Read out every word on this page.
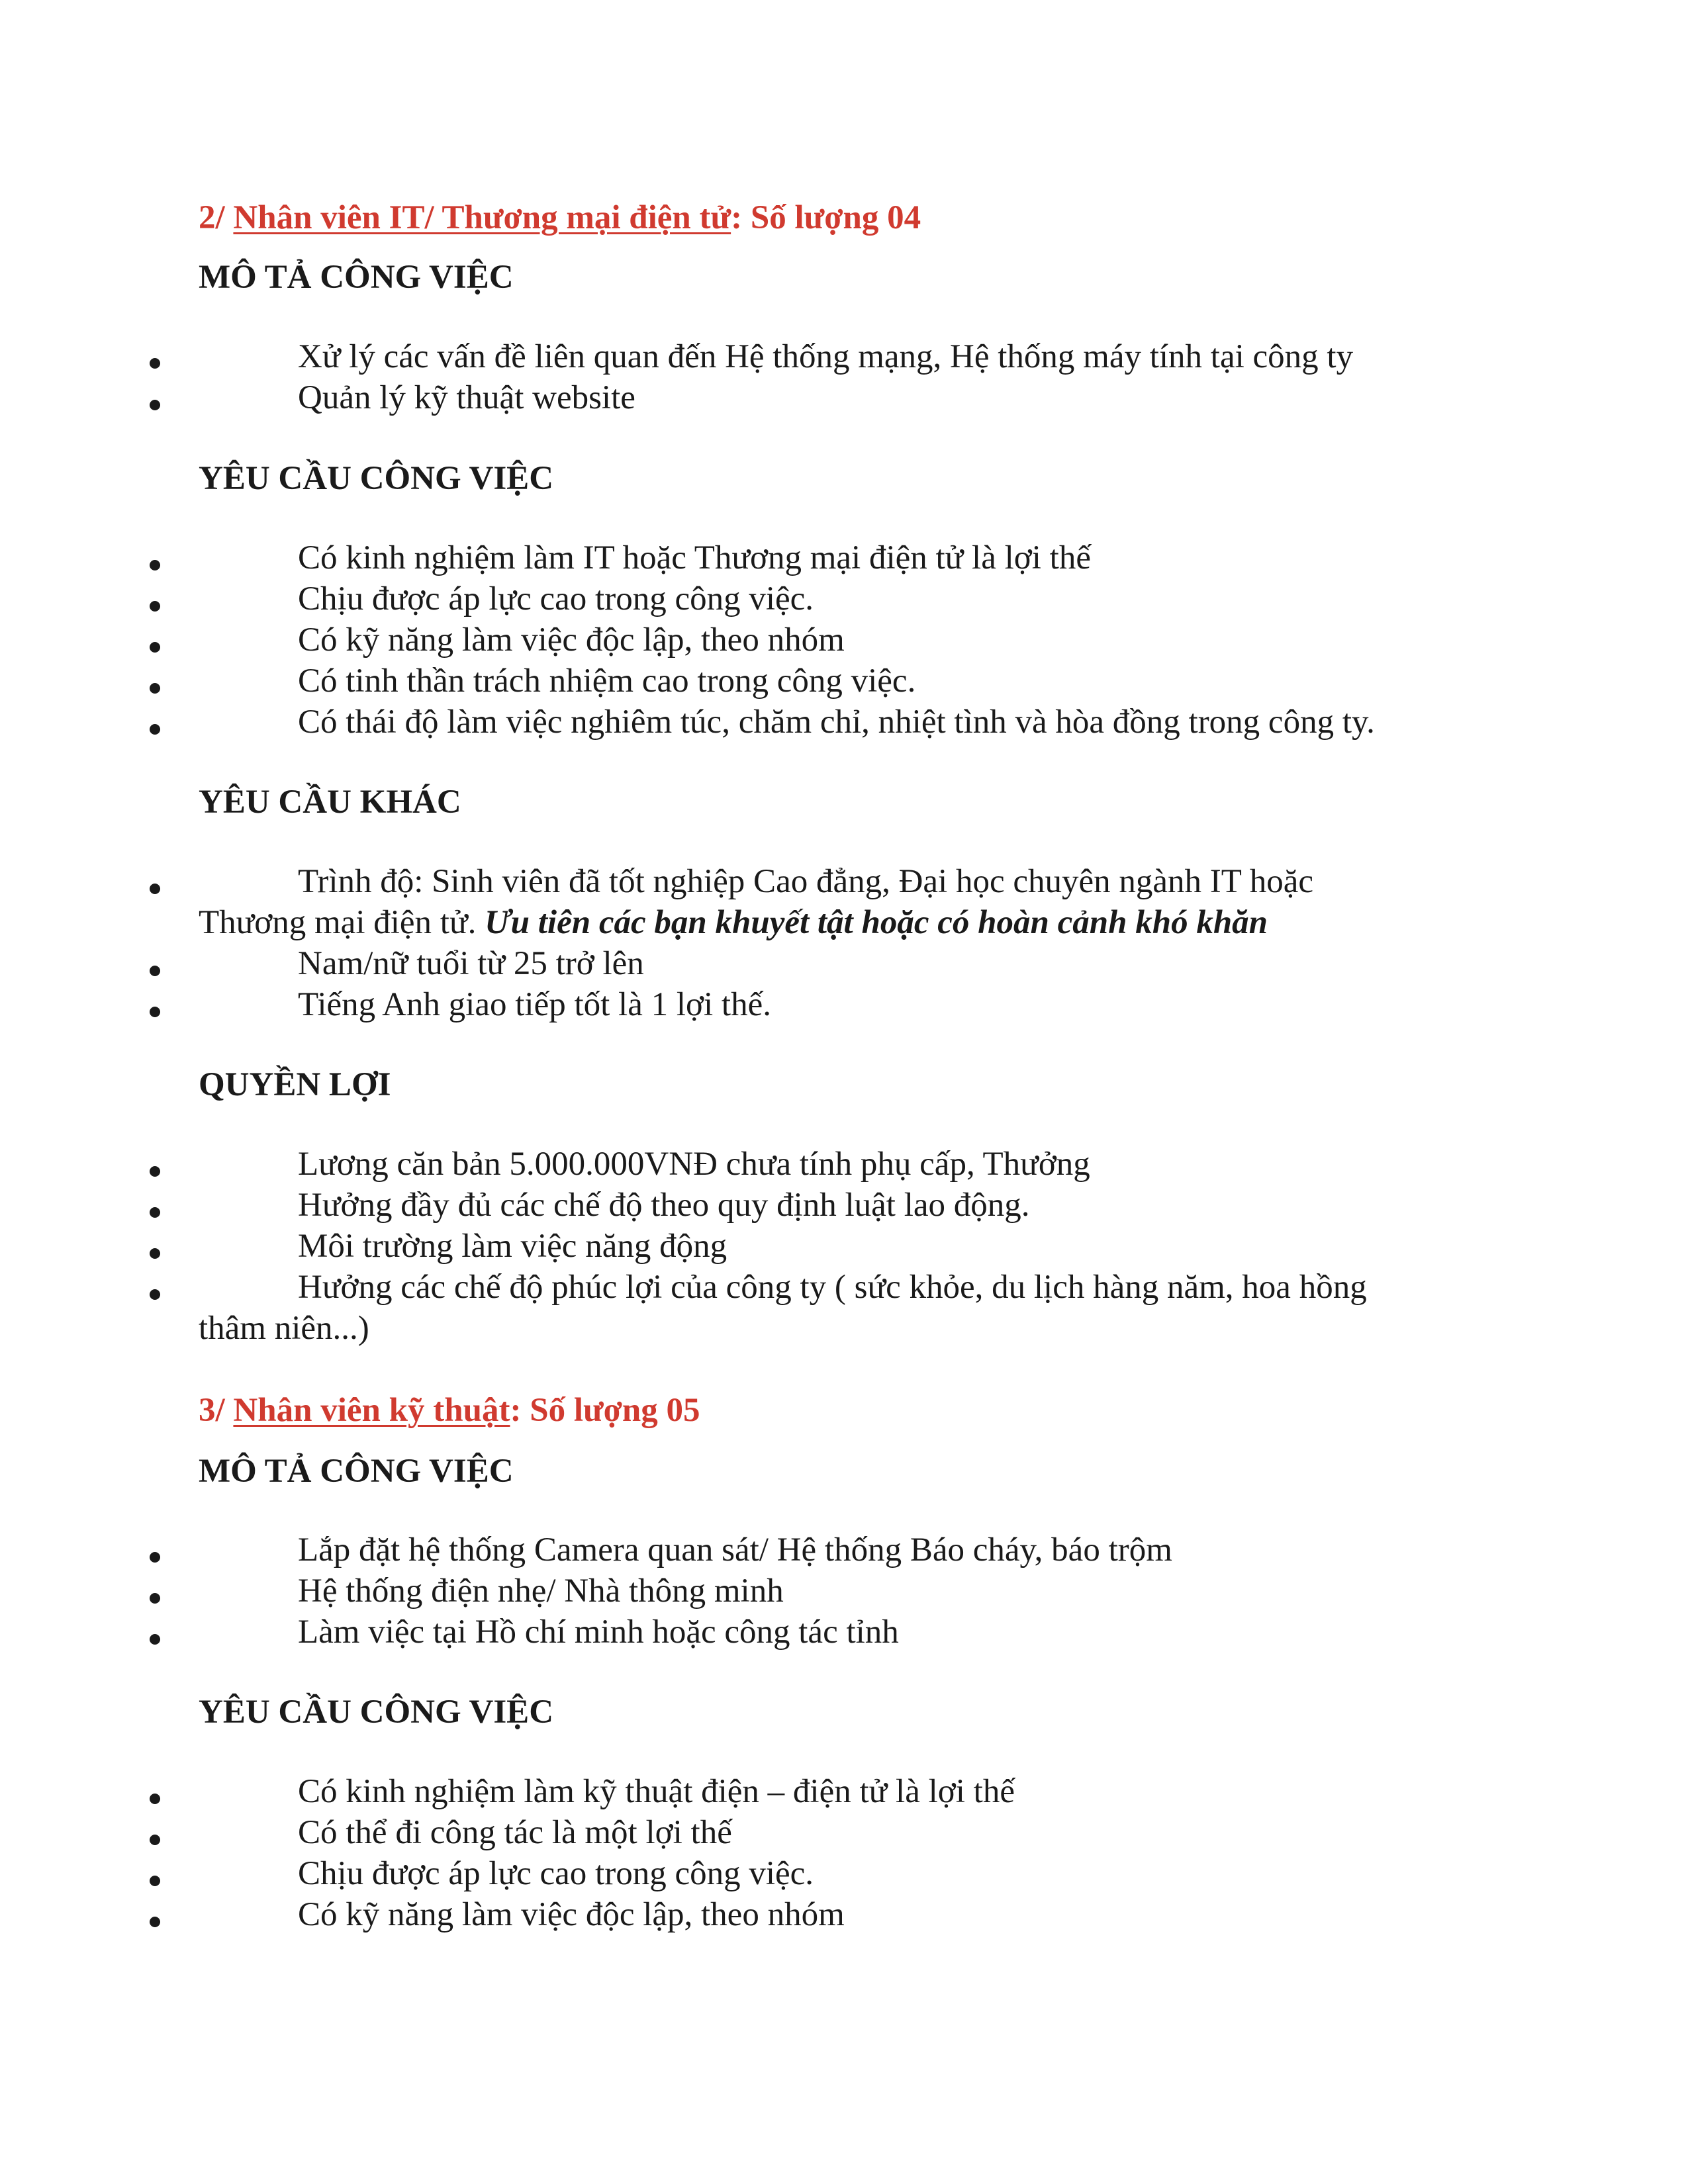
2/ Nhân viên IT/ Thương mại điện tử: Số lượng 04
MÔ TẢ CÔNG VIỆC
Xử lý các vấn đề liên quan đến Hệ thống mạng, Hệ thống máy tính tại công ty
Quản lý kỹ thuật website
YÊU CẦU CÔNG VIỆC
Có kinh nghiệm làm IT hoặc Thương mại điện tử là lợi thế
Chịu được áp lực cao trong công việc.
Có kỹ năng làm việc độc lập, theo nhóm
Có tinh thần trách nhiệm cao trong công việc.
Có thái độ làm việc nghiêm túc, chăm chỉ, nhiệt tình và hòa đồng trong công ty.
YÊU CẦU KHÁC
Trình độ: Sinh viên đã tốt nghiệp Cao đẳng, Đại học chuyên ngành IT hoặc
Thương mại điện tử. Ưu tiên các bạn khuyết tật hoặc có hoàn cảnh khó khăn
Nam/nữ tuổi từ 25 trở lên
Tiếng Anh giao tiếp tốt là 1 lợi thế.
QUYỀN LỢI
Lương căn bản 5.000.000VNĐ chưa tính phụ cấp, Thưởng
Hưởng đầy đủ các chế độ theo quy định luật lao động.
Môi trường làm việc năng động
Hưởng các chế độ phúc lợi của công ty ( sức khỏe, du lịch hàng năm, hoa hồng
thâm niên...)
3/ Nhân viên kỹ thuật: Số lượng 05
MÔ TẢ CÔNG VIỆC
Lắp đặt hệ thống Camera quan sát/ Hệ thống Báo cháy, báo trộm
Hệ thống điện nhẹ/ Nhà thông minh
Làm việc tại Hồ chí minh hoặc công tác tỉnh
YÊU CẦU CÔNG VIỆC
Có kinh nghiệm làm kỹ thuật điện – điện tử là lợi thế
Có thể đi công tác là một lợi thế
Chịu được áp lực cao trong công việc.
Có kỹ năng làm việc độc lập, theo nhóm
